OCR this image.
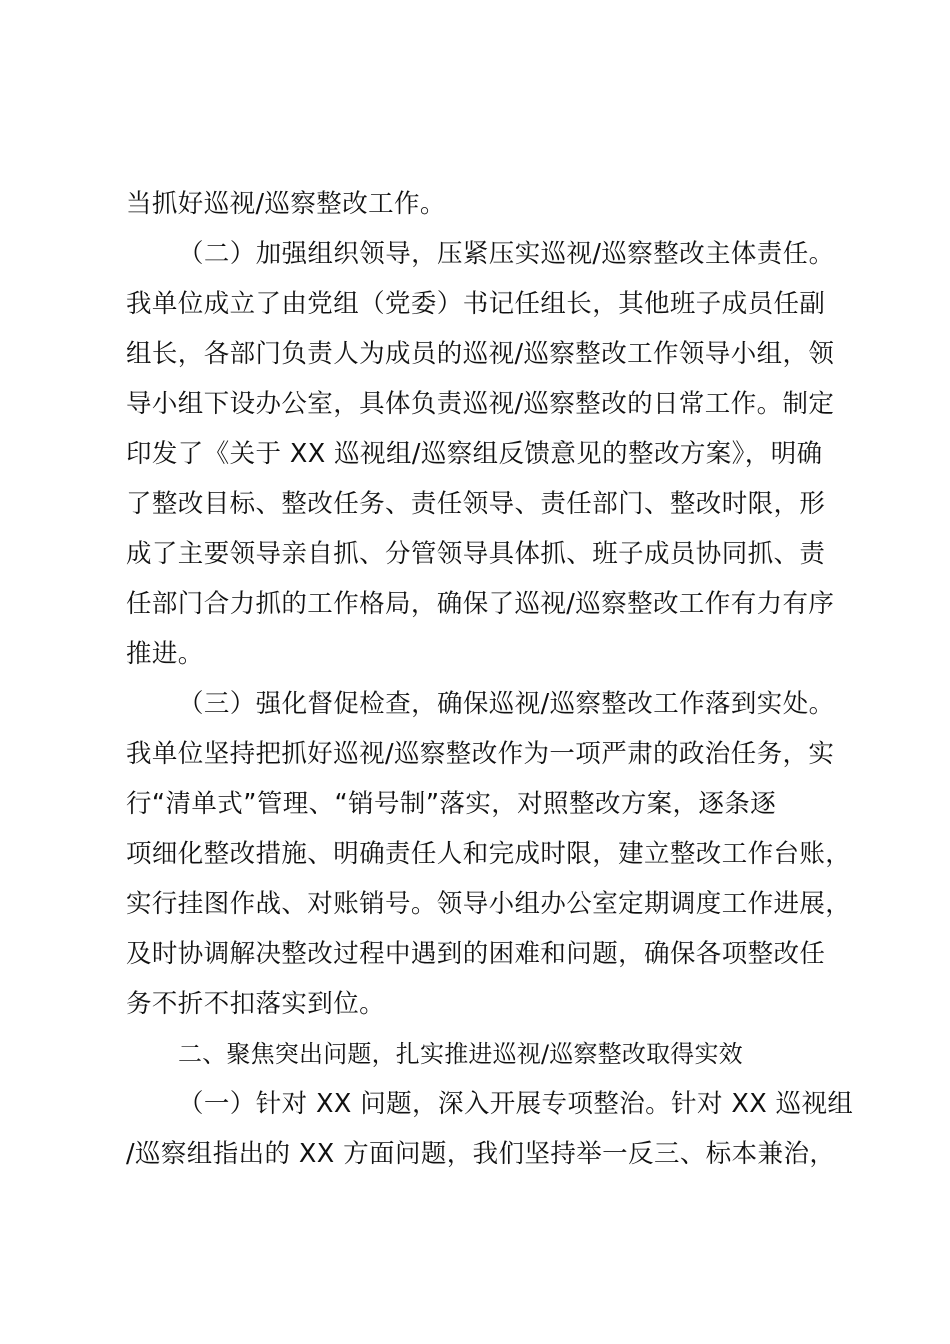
当抓好巡视/巡察整改工作。
（二）加强组织领导，压紧压实巡视/巡察整改主体责任。
我单位成立了由党组（党委）书记任组长，其他班子成员任副
组长，各部门负责人为成员的巡视/巡察整改工作领导小组，领
导小组下设办公室，具体负责巡视/巡察整改的日常工作。制定
印发了《关于 XX 巡视组/巡察组反馈意见的整改方案》，明确
了整改目标、整改任务、责任领导、责任部门、整改时限，形
成了主要领导亲自抓、分管领导具体抓、班子成员协同抓、责
任部门合力抓的工作格局，确保了巡视/巡察整改工作有力有序
推进。
（三）强化督促检查，确保巡视/巡察整改工作落到实处。
我单位坚持把抓好巡视/巡察整改作为一项严肃的政治任务，实
行“清单式”管理、“销号制”落实，对照整改方案，逐条逐
项细化整改措施、明确责任人和完成时限，建立整改工作台账，
实行挂图作战、对账销号。领导小组办公室定期调度工作进展，
及时协调解决整改过程中遇到的困难和问题，确保各项整改任
务不折不扣落实到位。
二、聚焦突出问题，扎实推进巡视/巡察整改取得实效
（一）针对 XX 问题，深入开展专项整治。针对 XX 巡视组
/巡察组指出的 XX 方面问题，我们坚持举一反三、标本兼治，
